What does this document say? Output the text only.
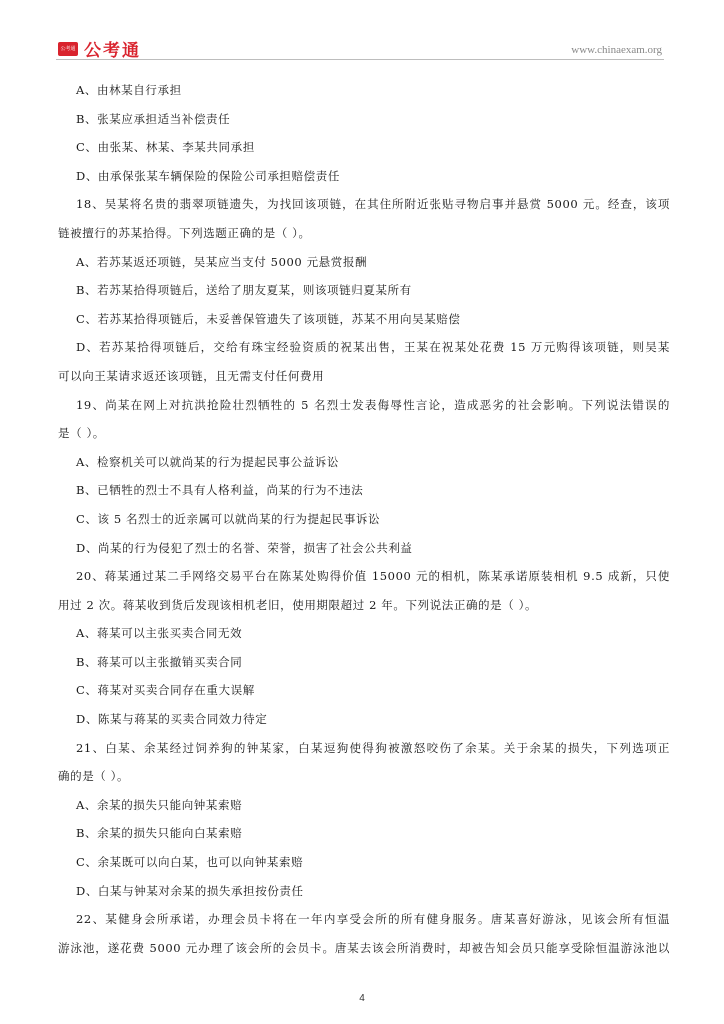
公考通 公考通	www.chinaexam.org
A、由林某自行承担
B、张某应承担适当补偿责任
C、由张某、林某、李某共同承担
D、由承保张某车辆保险的保险公司承担赔偿责任
18、吴某将名贵的翡翠项链遗失，为找回该项链，在其住所附近张贴寻物启事并悬赏 5000 元。经查，该项
链被擅行的苏某拾得。下列选题正确的是（ ）。
A、若苏某返还项链，吴某应当支付 5000 元悬赏报酬
B、若苏某拾得项链后，送给了朋友夏某，则该项链归夏某所有
C、若苏某拾得项链后，未妥善保管遗失了该项链，苏某不用向吴某赔偿
D、若苏某拾得项链后，交给有珠宝经验资质的祝某出售，王某在祝某处花费 15 万元购得该项链，则吴某
可以向王某请求返还该项链，且无需支付任何费用
19、尚某在网上对抗洪抢险壮烈牺牲的 5 名烈士发表侮辱性言论，造成恶劣的社会影响。下列说法错误的
是（ ）。
A、检察机关可以就尚某的行为提起民事公益诉讼
B、已牺牲的烈士不具有人格利益，尚某的行为不违法
C、该 5 名烈士的近亲属可以就尚某的行为提起民事诉讼
D、尚某的行为侵犯了烈士的名誉、荣誉，损害了社会公共利益
20、蒋某通过某二手网络交易平台在陈某处购得价值 15000 元的相机，陈某承诺原装相机 9.5 成新，只使
用过 2 次。蒋某收到货后发现该相机老旧，使用期限超过 2 年。下列说法正确的是（ ）。
A、蒋某可以主张买卖合同无效
B、蒋某可以主张撤销买卖合同
C、蒋某对买卖合同存在重大误解
D、陈某与蒋某的买卖合同效力待定
21、白某、余某经过饲养狗的钟某家，白某逗狗使得狗被激怒咬伤了余某。关于余某的损失，下列选项正
确的是（ ）。
A、余某的损失只能向钟某索赔
B、余某的损失只能向白某索赔
C、余某既可以向白某，也可以向钟某索赔
D、白某与钟某对余某的损失承担按份责任
22、某健身会所承诺，办理会员卡将在一年内享受会所的所有健身服务。唐某喜好游泳，见该会所有恒温
游泳池，遂花费 5000 元办理了该会所的会员卡。唐某去该会所消费时，却被告知会员只能享受除恒温游泳池以
4
